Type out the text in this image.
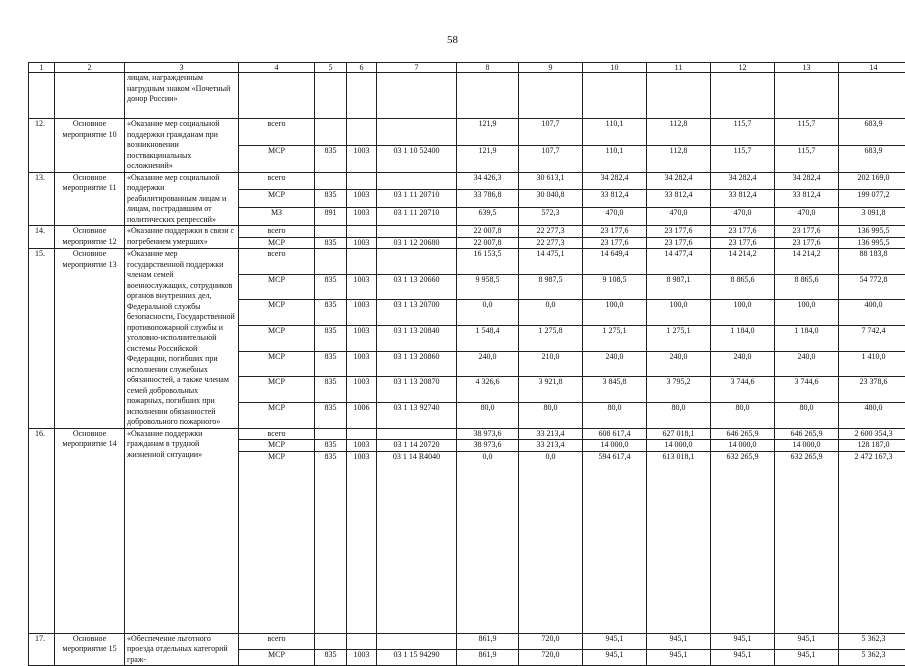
58
1	2	3	4	5	6	7	8	9	10	11	12	13	14
		лицам, награжденным нагрудным знаком «Почетный донор России»											
12.	Основное мероприятие 10	«Оказание мер социальной поддержки гражданам при возникновении поствакцинальных осложнений»	всего				121,9	107,7	110,1	112,8	115,7	115,7	683,9
			МСР	835	1003	03 1 10 52400	121,9	107,7	110,1	112,8	115,7	115,7	683,9
13.	Основное мероприятие 11	«Оказание мер социальной поддержки реабилитированным лицам и лицам, пострадавшим от политических репрессий»	всего				34 426,3	30 613,1	34 282,4	34 282,4	34 282,4	34 282,4	202 169,0
			МСР	835	1003	03 1 11 20710	33 786,8	30 040,8	33 812,4	33 812,4	33 812,4	33 812,4	199 077,2
			МЗ	891	1003	03 1 11 20710	639,5	572,3	470,0	470,0	470,0	470,0	3 091,8
14.	Основное мероприятие 12	«Оказание поддержки в связи с погребением умерших»	всего				22 007,8	22 277,3	23 177,6	23 177,6	23 177,6	23 177,6	136 995,5
			МСР	835	1003	03 1 12 20680	22 007,8	22 277,3	23 177,6	23 177,6	23 177,6	23 177,6	136 995,5
15.	Основное мероприятие 13	«Оказание мер государственной поддержки членам семей военнослужащих, сотрудников органов внутренних дел, Федеральной службы безопасности, Государственной противопожарной службы и уголовно-исполнительной системы Российской Федерации, погибших при исполнении служебных обязанностей, а также членам семей добровольных пожарных, погибших при исполнении обязанностей добровольного пожарного»	всего				16 153,5	14 475,1	14 649,4	14 477,4	14 214,2	14 214,2	88 183,8
			МСР	835	1003	03 1 13 20660	9 958,5	8 987,5	9 108,5	8 987,1	8 865,6	8 865,6	54 772,8
			МСР	835	1003	03 1 13 20700	0,0	0,0	100,0	100,0	100,0	100,0	400,0
			МСР	835	1003	03 1 13 20840	1 548,4	1 275,8	1 275,1	1 275,1	1 184,0	1 184,0	7 742,4
			МСР	835	1003	03 1 13 20860	240,0	210,0	240,0	240,0	240,0	240,0	1 410,0
			МСР	835	1003	03 1 13 20870	4 326,6	3 921,8	3 845,8	3 795,2	3 744,6	3 744,6	23 378,6
			МСР	835	1006	03 1 13 92740	80,0	80,0	80,0	80,0	80,0	80,0	480,0
16.	Основное мероприятие 14	«Оказание поддержки гражданам в трудной жизненной ситуации»	всего				38 973,6	33 213,4	608 617,4	627 018,1	646 265,9	646 265,9	2 600 354,3
			МСР	835	1003	03 1 14 20720	38 973,6	33 213,4	14 000,0	14 000,0	14 000,0	14 000,0	128 187,0
			МСР	835	1003	03 1 14 R4040	0,0	0,0	594 617,4	613 018,1	632 265,9	632 265,9	2 472 167,3
17.	Основное мероприятие 15	«Обеспечение льготного проезда отдельных категорий граж-	всего				861,9	720,0	945,1	945,1	945,1	945,1	5 362,3
			МСР	835	1003	03 1 15 94290	861,9	720,0	945,1	945,1	945,1	945,1	5 362,3
